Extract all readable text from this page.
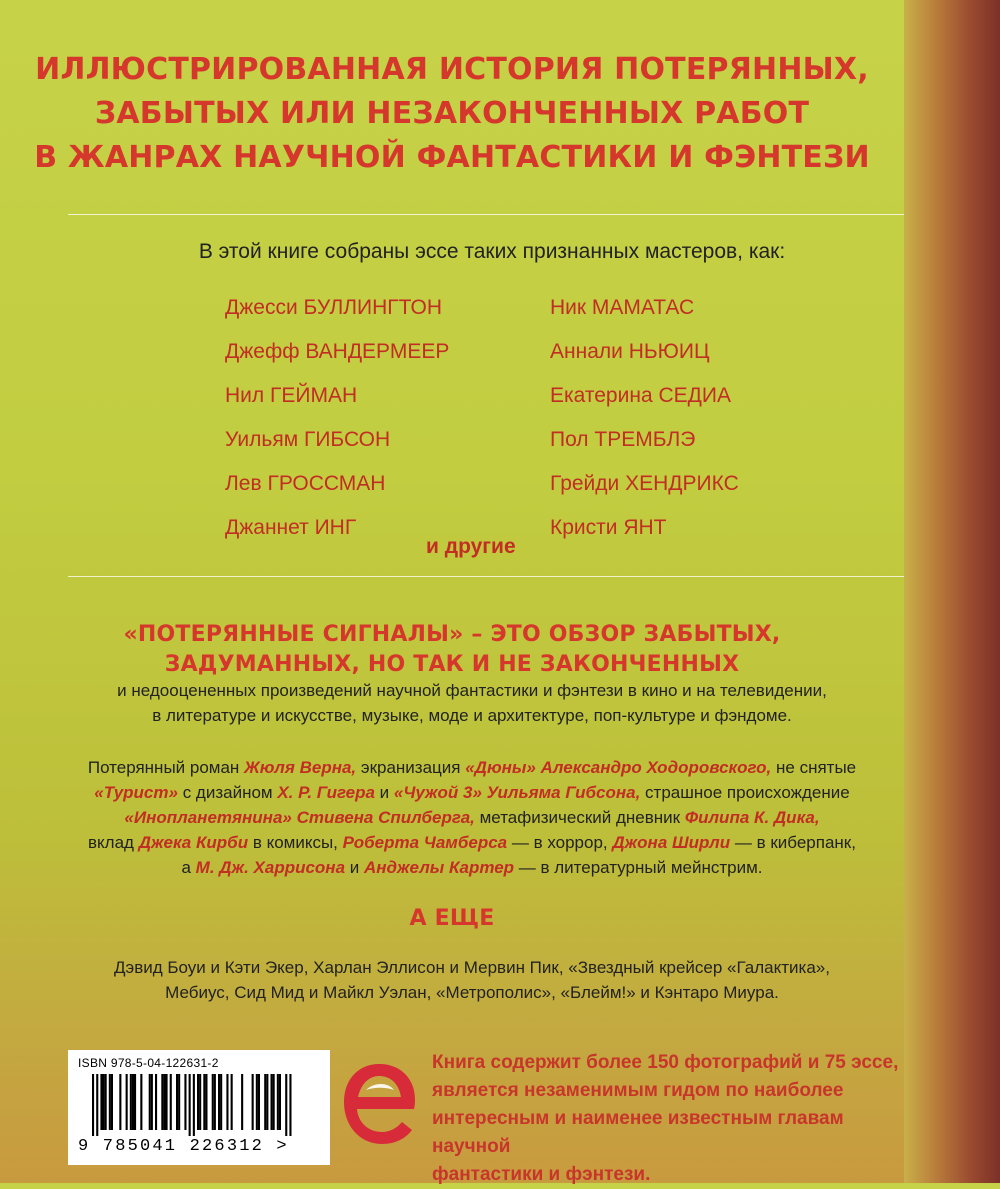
ИЛЛЮСТРИРОВАННАЯ ИСТОРИЯ ПОТЕРЯННЫХ,
ЗАБЫТЫХ ИЛИ НЕЗАКОНЧЕННЫХ РАБОТ
В ЖАНРАХ НАУЧНОЙ ФАНТАСТИКИ И ФЭНТЕЗИ
В этой книге собраны эссе таких признанных мастеров, как:
Джесси БУЛЛИНГТОН
Джефф ВАНДЕРМЕЕР
Нил ГЕЙМАН
Уильям ГИБСОН
Лев ГРОССМАН
Джаннет ИНГ
Ник МАМАТАС
Аннали НЬЮИЦ
Екатерина СЕДИА
Пол ТРЕМБЛЭ
Грейди ХЕНДРИКС
Кристи ЯНТ
и другие
«ПОТЕРЯННЫЕ СИГНАЛЫ» – ЭТО ОБЗОР ЗАБЫТЫХ,
ЗАДУМАННЫХ, НО ТАК И НЕ ЗАКОНЧЕННЫХ
и недооцененных произведений научной фантастики и фэнтези в кино и на телевидении,
в литературе и искусстве, музыке, моде и архитектуре, поп-культуре и фэндоме.
Потерянный роман Жюля Верна, экранизация «Дюны» Александро Ходоровского, не снятые
«Турист» с дизайном Х. Р. Гигера и «Чужой 3» Уильяма Гибсона, страшное происхождение
«Инопланетянина» Стивена Спилберга, метафизический дневник Филипа К. Дика,
вклад Джека Кирби в комиксы, Роберта Чамберса — в хоррор, Джона Ширли — в киберпанк,
а М. Дж. Харрисона и Анджелы Картер — в литературный мейнстрим.
А ЕЩЕ
Дэвид Боуи и Кэти Экер, Харлан Эллисон и Мервин Пик, «Звездный крейсер «Галактика»,
Мебиус, Сид Мид и Майкл Уэлан, «Метрополис», «Блейм!» и Кэнтаро Миура.
ISBN 978-5-04-122631-2
9 785041 226312 >
Книга содержит более 150 фотографий и 75 эссе,
является незаменимым гидом по наиболее
интересным и наименее известным главам научной
фантастики и фэнтези.
